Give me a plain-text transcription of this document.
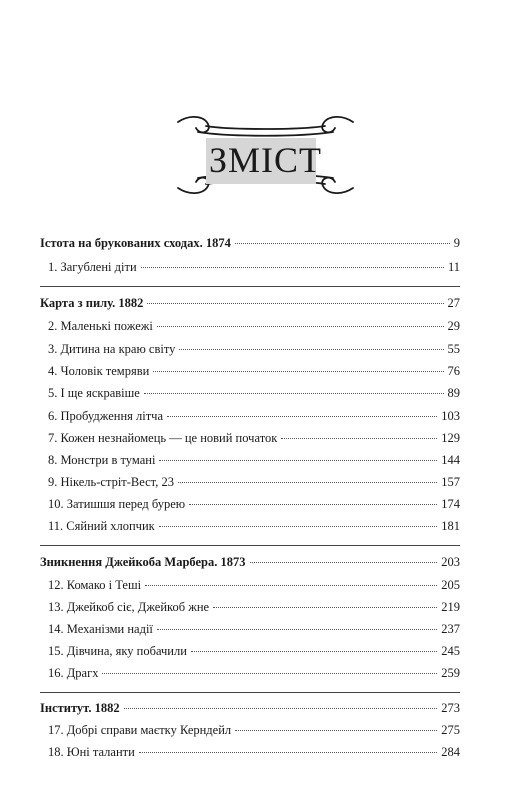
ЗМІСТ
Істота на брукованих сходах. 1874	9
1. Загублені діти	11
Карта з пилу. 1882	27
2. Маленькі пожежі	29
3. Дитина на краю світу	55
4. Чоловік темряви	76
5. І ще яскравіше	89
6. Пробудження літча	103
7. Кожен незнайомець — це новий початок	129
8. Монстри в тумані	144
9. Нікель-стріт-Вест, 23	157
10. Затишшя перед бурею	174
11. Сяйний хлопчик	181
Зникнення Джейкоба Марбера. 1873	203
12. Комако і Теші	205
13. Джейкоб сіє, Джейкоб жне	219
14. Механізми надії	237
15. Дівчина, яку побачили	245
16. Драгх	259
Інститут. 1882	273
17. Добрі справи маєтку Керндейл	275
18. Юні таланти	284
